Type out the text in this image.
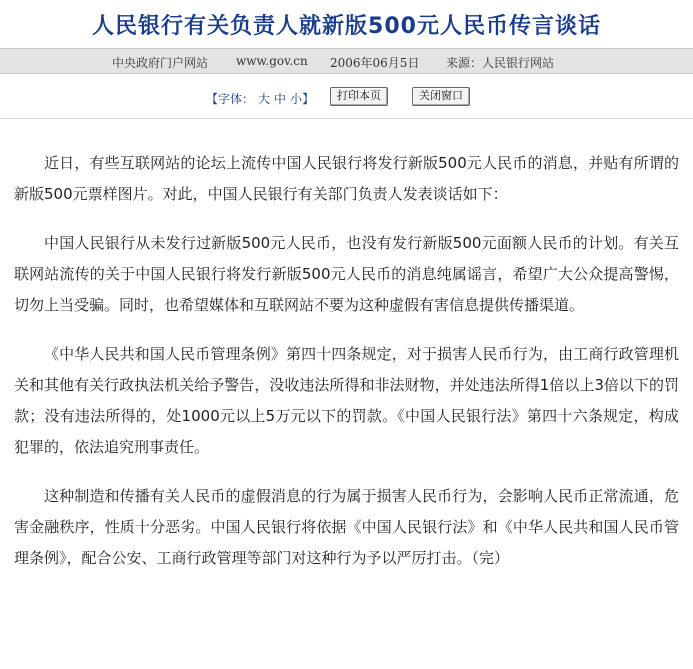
人民银行有关负责人就新版500元人民币传言谈话
中央政府门户网站 www.gov.cn 2006年06月5日 来源：人民银行网站
【字体： 大 中 小】	打印本页	关闭窗口

近日，有些互联网站的论坛上流传中国人民银行将发行新版500元人民币的消息，并贴有所谓的新版500元票样图片。对此，中国人民银行有关部门负责人发表谈话如下：

中国人民银行从未发行过新版500元人民币，也没有发行新版500元面额人民币的计划。有关互联网站流传的关于中国人民银行将发行新版500元人民币的消息纯属谣言，希望广大公众提高警惕，切勿上当受骗。同时，也希望媒体和互联网站不要为这种虚假有害信息提供传播渠道。

《中华人民共和国人民币管理条例》第四十四条规定，对于损害人民币行为，由工商行政管理机关和其他有关行政执法机关给予警告，没收违法所得和非法财物，并处违法所得1倍以上3倍以下的罚款；没有违法所得的，处1000元以上5万元以下的罚款。《中国人民银行法》第四十六条规定，构成犯罪的，依法追究刑事责任。

这种制造和传播有关人民币的虚假消息的行为属于损害人民币行为，会影响人民币正常流通，危害金融秩序，性质十分恶劣。中国人民银行将依据《中国人民银行法》和《中华人民共和国人民币管理条例》，配合公安、工商行政管理等部门对这种行为予以严厉打击。（完）
